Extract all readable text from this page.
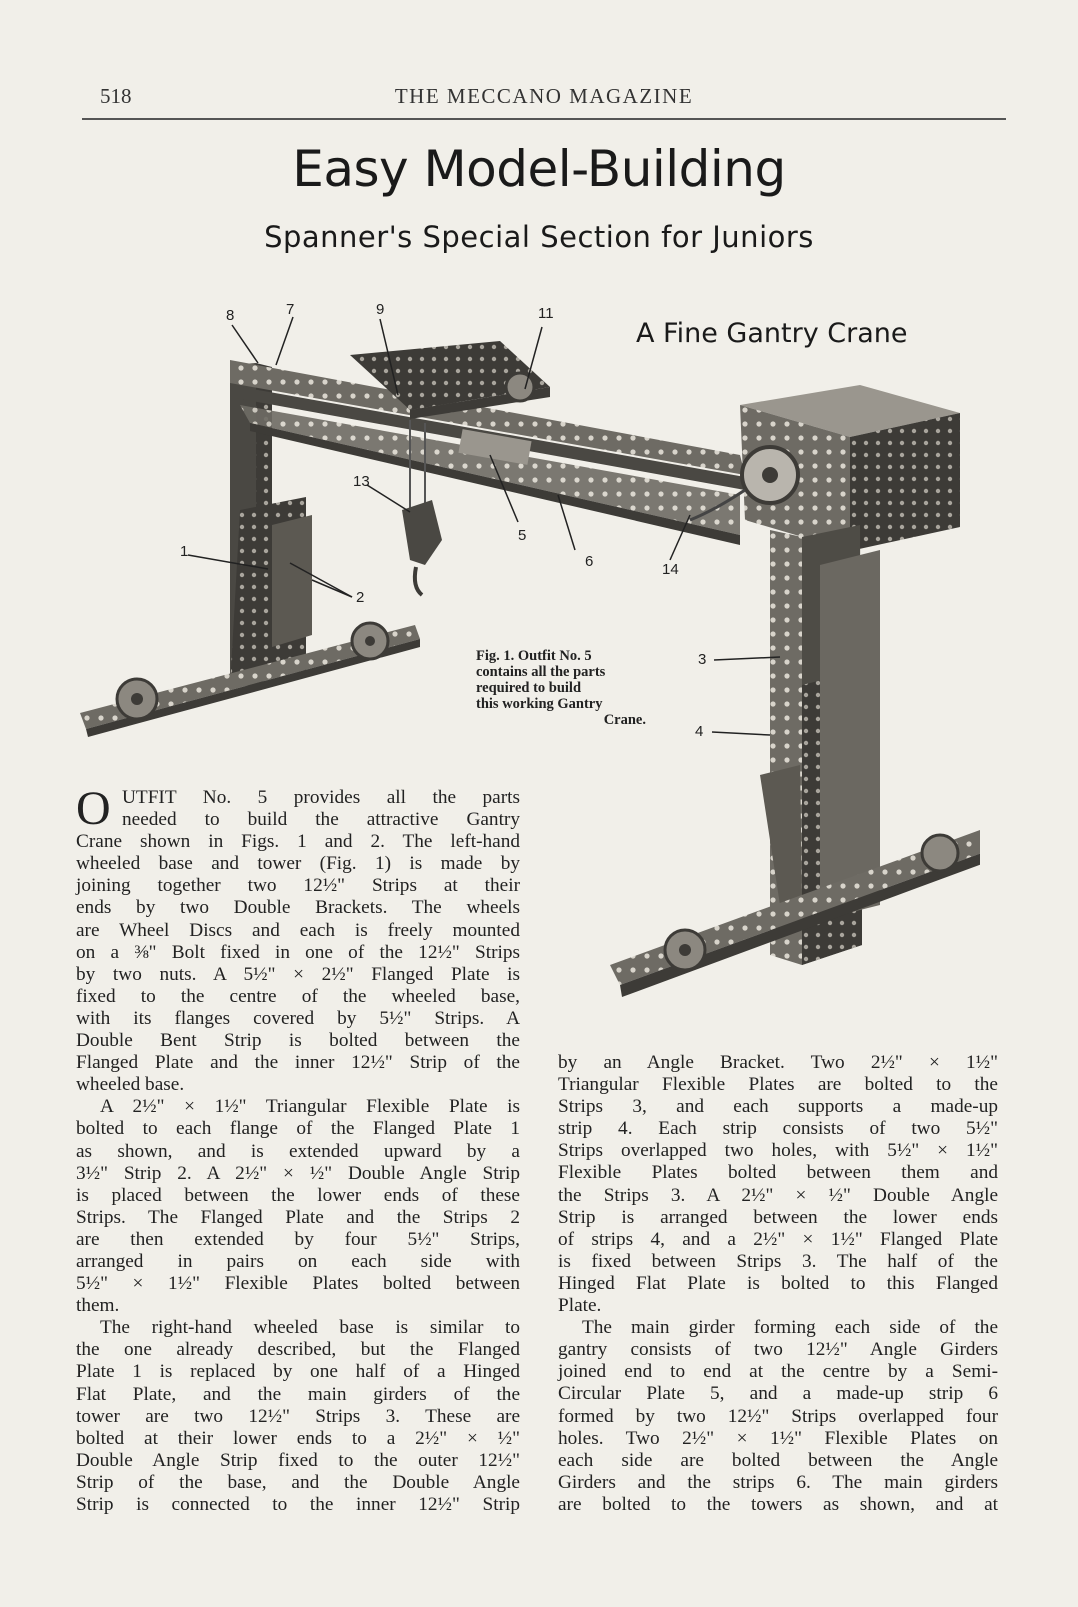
518	THE MECCANO MAGAZINE
Easy Model-Building
Spanner's Special Section for Juniors
8	7	9	11
13
5
6	14
1
2
3
4
A Fine Gantry Crane
Fig. 1. Outfit No. 5
contains all the parts
required to build
this working Gantry
Crane.
O UTFIT No. 5 provides all the parts
needed to build the attractive Gantry
Crane shown in Figs. 1 and 2. The left-hand
wheeled base and tower (Fig. 1) is made by
joining together two 12½" Strips at their
ends by two Double Brackets. The wheels
are Wheel Discs and each is freely mounted
on a ⅜" Bolt fixed in one of the 12½" Strips
by two nuts. A 5½" × 2½" Flanged Plate is
fixed to the centre of the wheeled base,
with its flanges covered by 5½" Strips. A
Double Bent Strip is bolted between the
Flanged Plate and the inner 12½" Strip of the
wheeled base.
A 2½" × 1½" Triangular Flexible Plate is
bolted to each flange of the Flanged Plate 1
as shown, and is extended upward by a
3½" Strip 2. A 2½" × ½" Double Angle Strip
is placed between the lower ends of these
Strips. The Flanged Plate and the Strips 2
are then extended by four 5½" Strips,
arranged in pairs on each side with
5½" × 1½" Flexible Plates bolted between
them.
The right-hand wheeled base is similar to
the one already described, but the Flanged
Plate 1 is replaced by one half of a Hinged
Flat Plate, and the main girders of the
tower are two 12½" Strips 3. These are
bolted at their lower ends to a 2½" × ½"
Double Angle Strip fixed to the outer 12½"
Strip of the base, and the Double Angle
Strip is connected to the inner 12½" Strip
by an Angle Bracket. Two 2½" × 1½"
Triangular Flexible Plates are bolted to the
Strips 3, and each supports a made-up
strip 4. Each strip consists of two 5½"
Strips overlapped two holes, with 5½" × 1½"
Flexible Plates bolted between them and
the Strips 3. A 2½" × ½" Double Angle
Strip is arranged between the lower ends
of strips 4, and a 2½" × 1½" Flanged Plate
is fixed between Strips 3. The half of the
Hinged Flat Plate is bolted to this Flanged
Plate.
The main girder forming each side of the
gantry consists of two 12½" Angle Girders
joined end to end at the centre by a Semi-
Circular Plate 5, and a made-up strip 6
formed by two 12½" Strips overlapped four
holes. Two 2½" × 1½" Flexible Plates on
each side are bolted between the Angle
Girders and the strips 6. The main girders
are bolted to the towers as shown, and at
